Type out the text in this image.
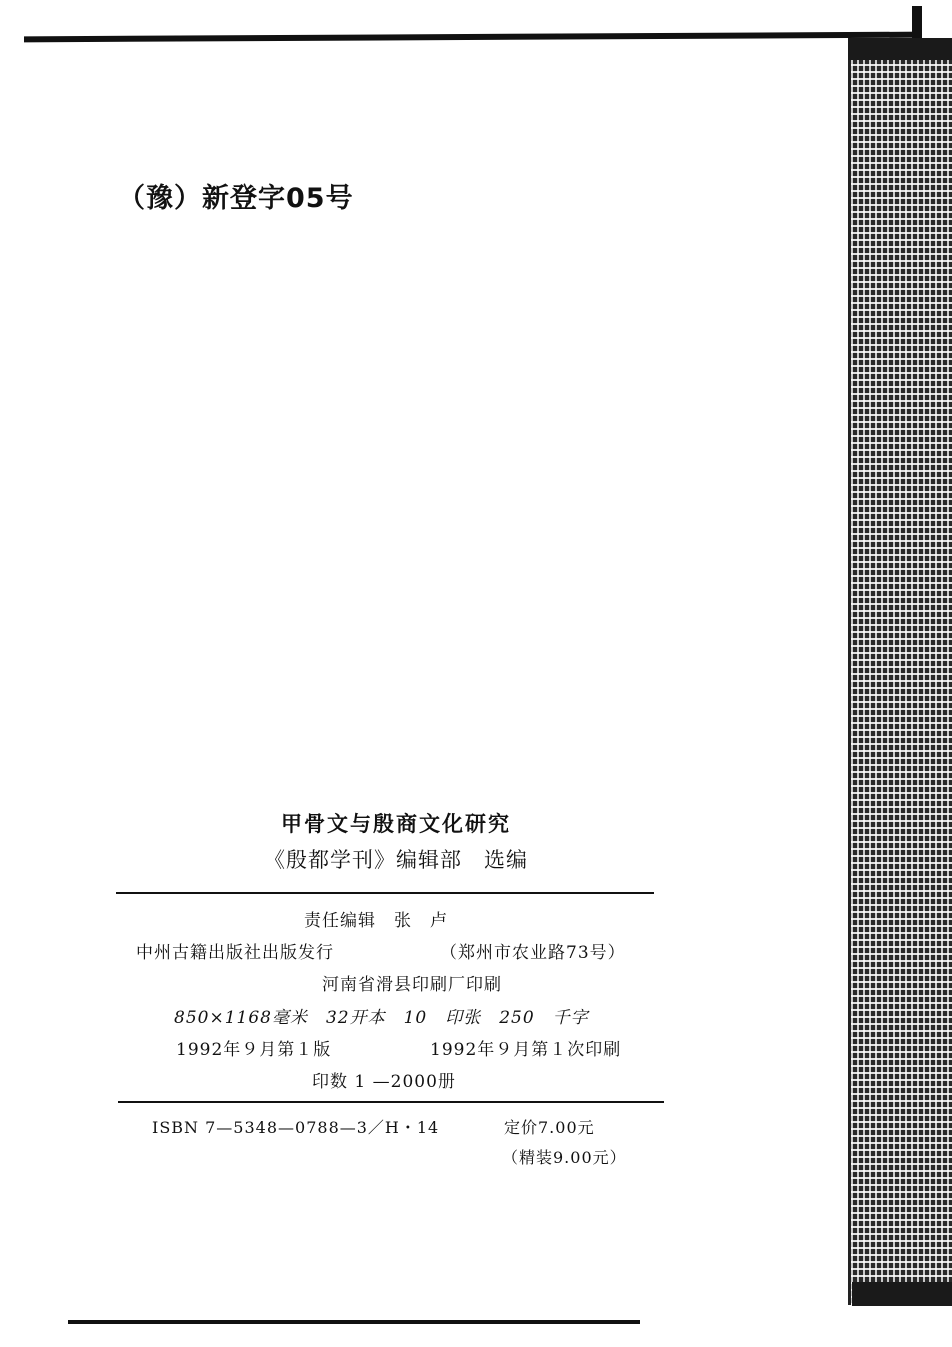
（豫）新登字05号
甲骨文与殷商文化研究
《殷都学刊》编辑部　选编
责任编辑　张　卢
中州古籍出版社出版发行	（郑州市农业路73号）
河南省滑县印刷厂印刷
850×1168毫米　32开本　10　印张　250　千字
1992年９月第１版	1992年９月第１次印刷
印数 1 —2000册
ISBN 7—5348—0788—3／H・14	定价7.00元
（精装9.00元）
